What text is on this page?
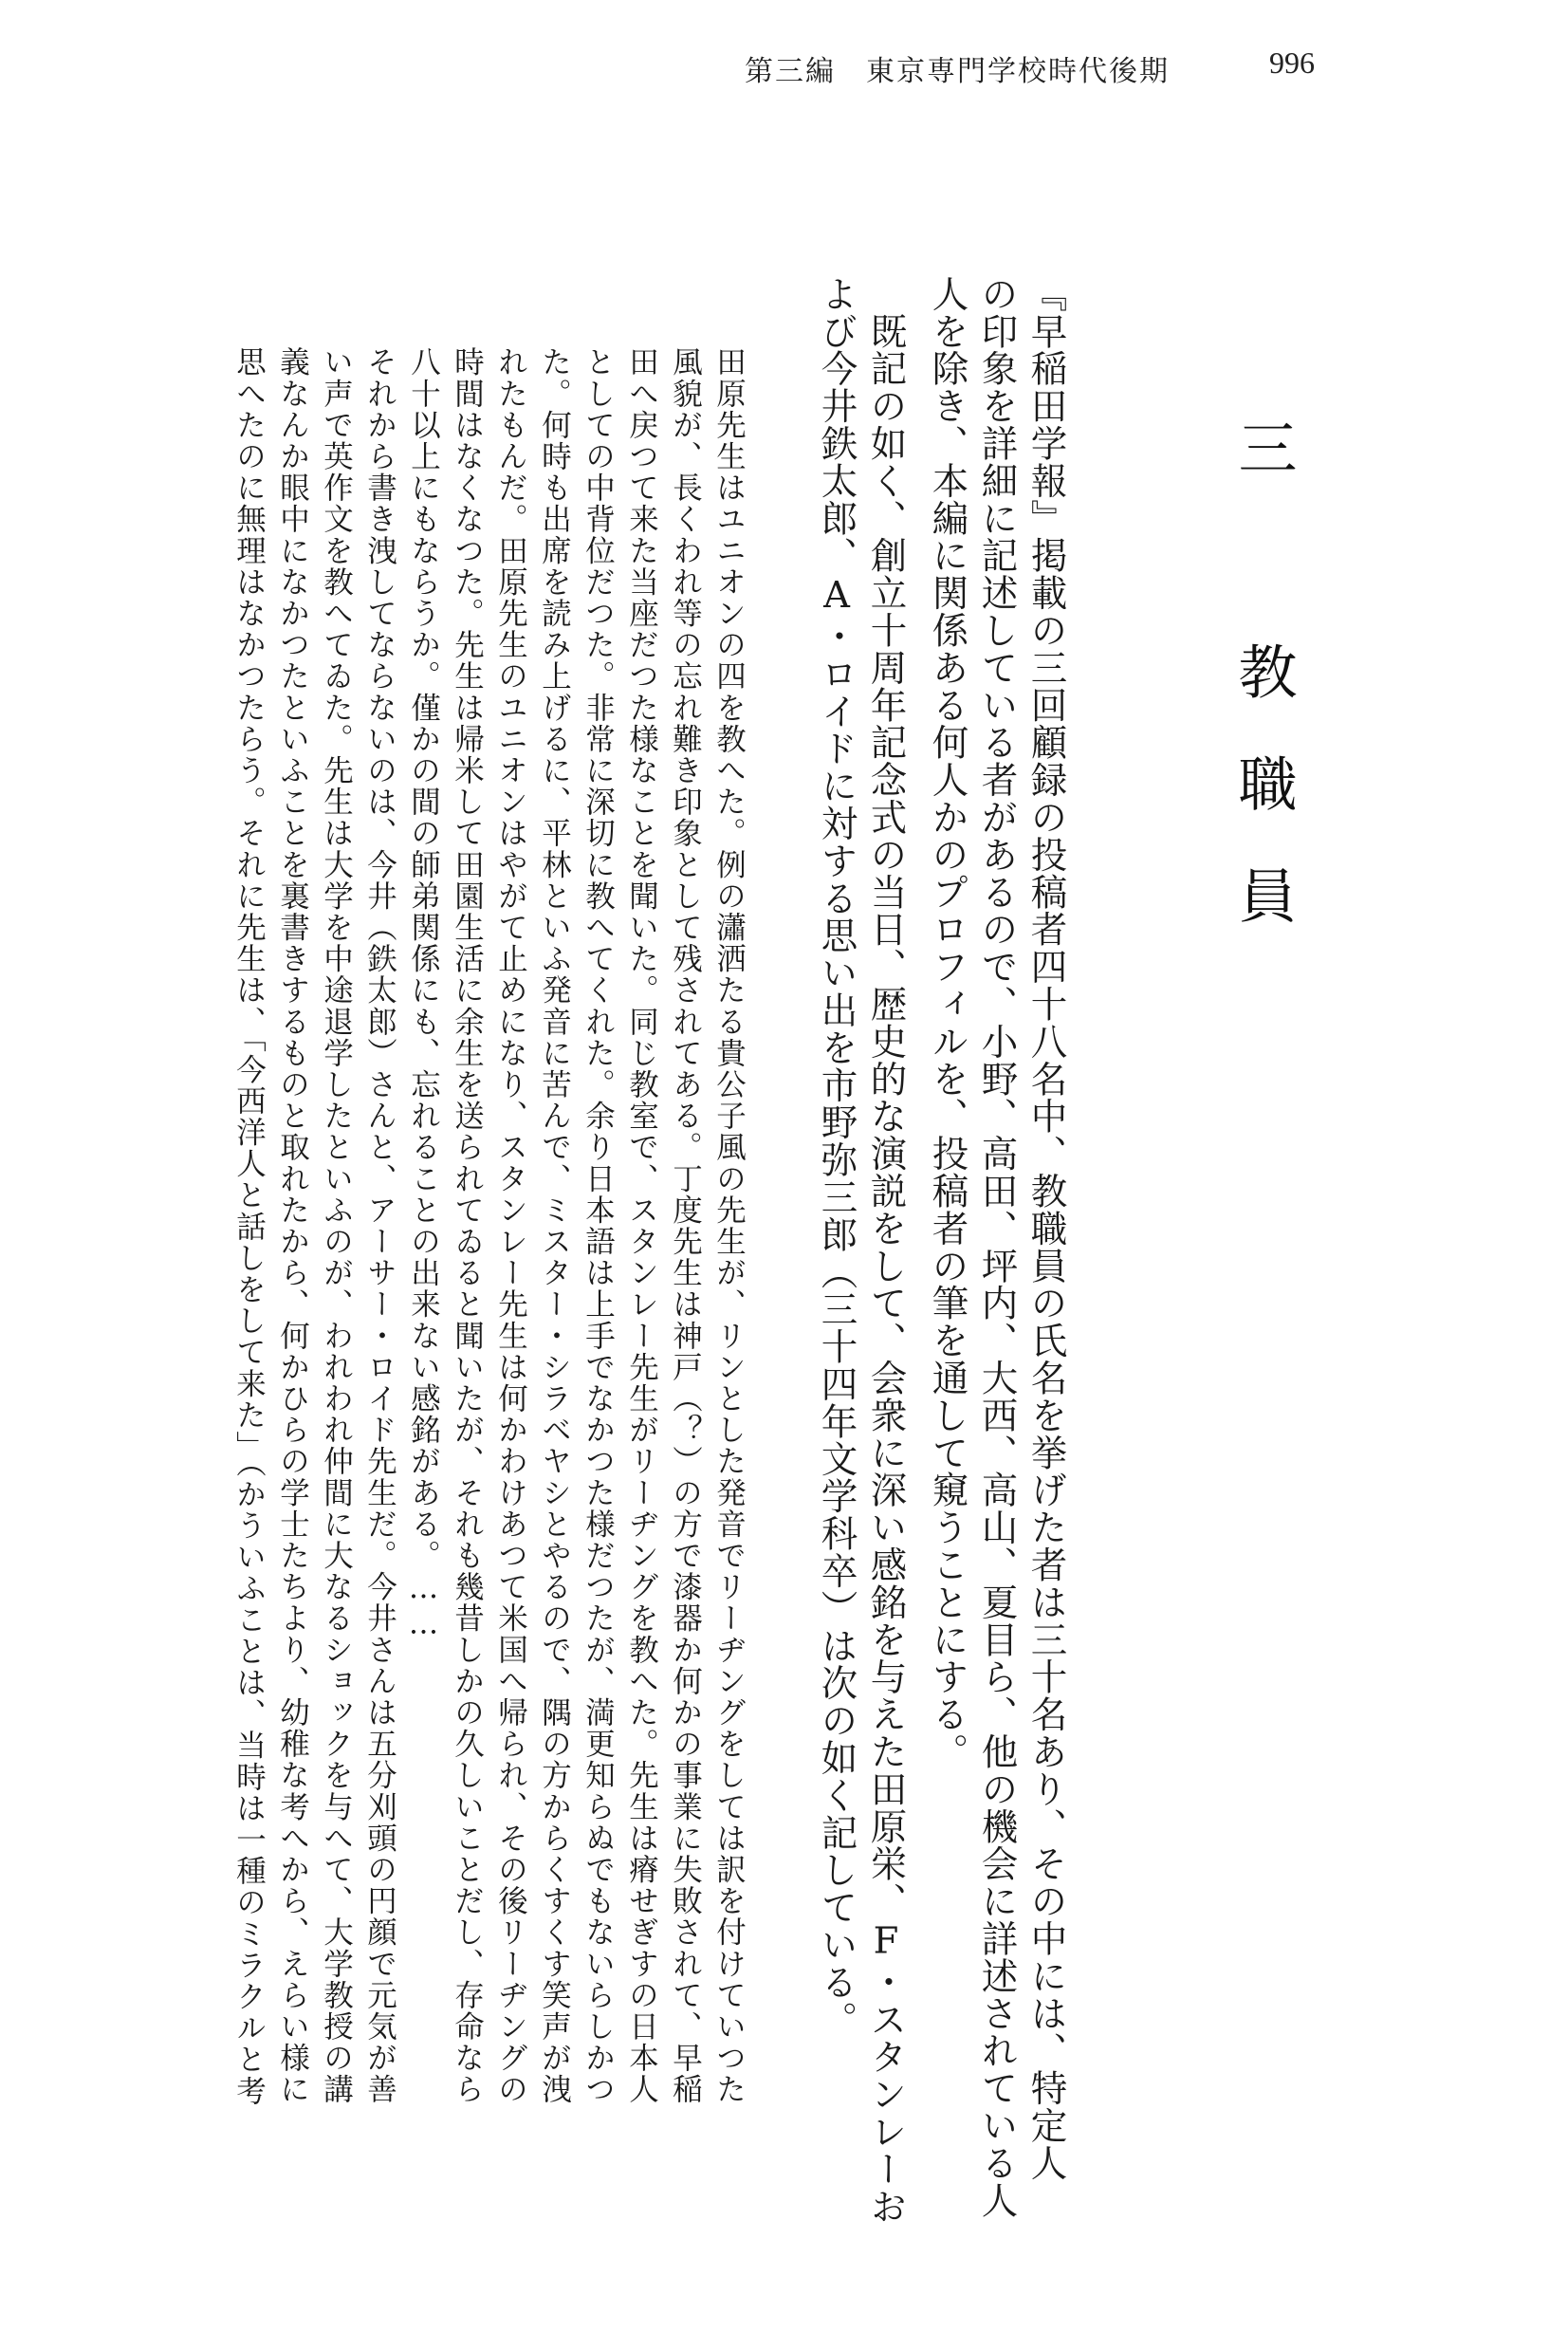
第三編　東京専門学校時代後期	996
三　教職員
『早稲田学報』掲載の三回顧録の投稿者四十八名中、教職員の氏名を挙げた者は三十名あり、その中には、特定人
の印象を詳細に記述している者があるので、小野、高田、坪内、大西、高山、夏目ら、他の機会に詳述されている人
人を除き、本編に関係ある何人かのプロフィルを、投稿者の筆を通して窺うことにする。
　既記の如く、創立十周年記念式の当日、歴史的な演説をして、会衆に深い感銘を与えた田原栄、F・スタンレーお
よび今井鉄太郎、A・ロイドに対する思い出を市野弥三郎（三十四年文学科卒）は次の如く記している。
田原先生はユニオンの四を教へた。例の瀟洒たる貴公子風の先生が、リンとした発音でリーヂングをしては訳を付けていつた
風貌が、長くわれ等の忘れ難き印象として残されてある。丁度先生は神戸（？）の方で漆器か何かの事業に失敗されて、早稲
田へ戻つて来た当座だつた様なことを聞いた。同じ教室で、スタンレー先生がリーヂングを教へた。先生は瘠せぎすの日本人
としての中背位だつた。非常に深切に教へてくれた。余り日本語は上手でなかつた様だつたが、満更知らぬでもないらしかつ
た。何時も出席を読み上げるに、平林といふ発音に苦んで、ミスター・シラベヤシとやるので、隅の方からくすくす笑声が洩
れたもんだ。田原先生のユニオンはやがて止めになり、スタンレー先生は何かわけあつて米国へ帰られ、その後リーヂングの
時間はなくなつた。先生は帰米して田園生活に余生を送られてゐると聞いたが、それも幾昔しかの久しいことだし、存命なら
八十以上にもならうか。僅かの間の師弟関係にも、忘れることの出来ない感銘がある。……
それから書き洩してならないのは、今井（鉄太郎）さんと、アーサー・ロイド先生だ。今井さんは五分刈頭の円顔で元気が善
い声で英作文を教へてゐた。先生は大学を中途退学したといふのが、われわれ仲間に大なるショックを与へて、大学教授の講
義なんか眼中になかつたといふことを裏書きするものと取れたから、何かひらの学士たちより、幼稚な考へから、えらい様に
思へたのに無理はなかつたらう。それに先生は、「今西洋人と話しをして来た」（かういふことは、当時は一種のミラクルと考
